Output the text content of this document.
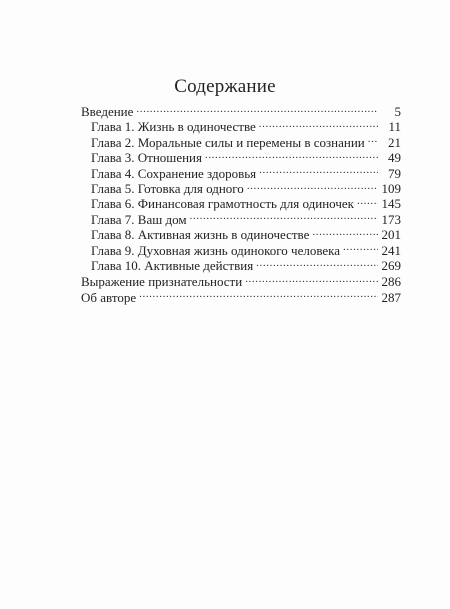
Содержание
Введение .....	5
Глава 1. Жизнь в одиночестве .....	11
Глава 2. Моральные силы и перемены в сознании .....	21
Глава 3. Отношения .....	49
Глава 4. Сохранение здоровья .....	79
Глава 5. Готовка для одного .....	109
Глава 6. Финансовая грамотность для одиночек ..... 145
Глава 7. Ваш дом .....	173
Глава 8. Активная жизнь в одиночестве .....	201
Глава 9. Духовная жизнь одинокого человека .....	241
Глава 10. Активные действия .....	269
Выражение признательности .....	286
Об авторе .....	287
